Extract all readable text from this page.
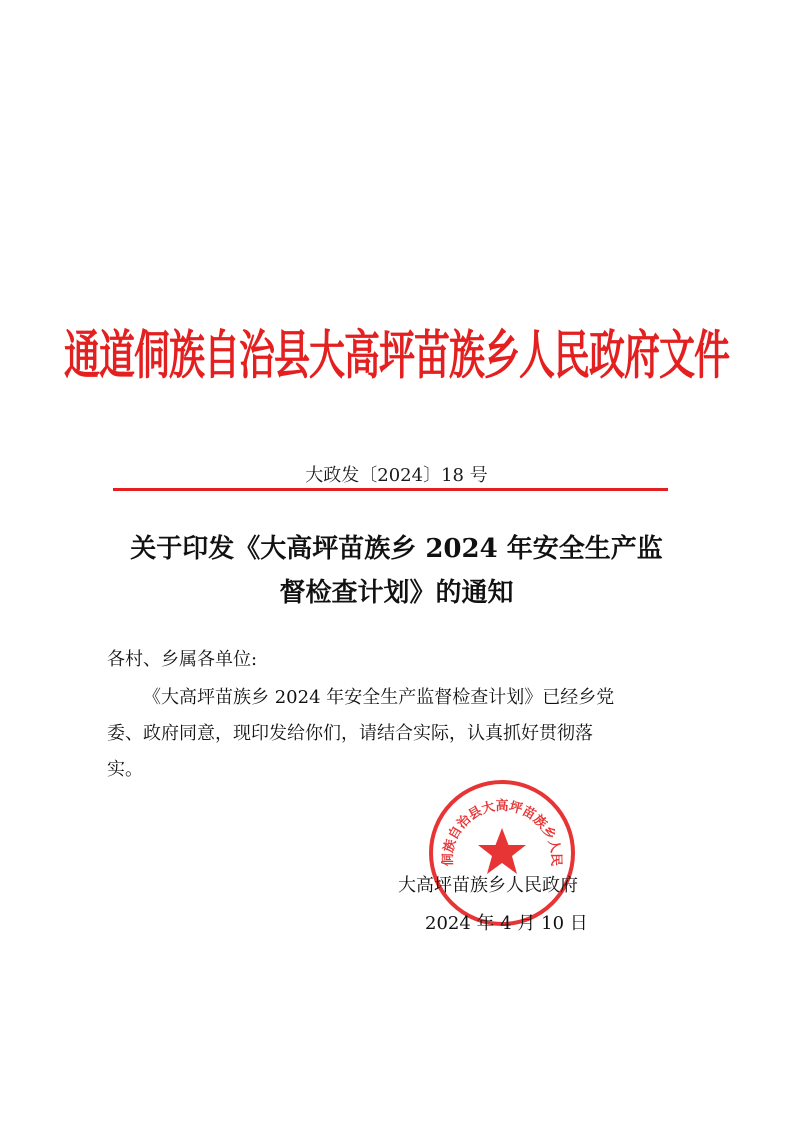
通道侗族自治县大高坪苗族乡人民政府文件
大政发〔2024〕18 号
关于印发《大高坪苗族乡 2024 年安全生产监
督检查计划》的通知
各村、乡属各单位:
《大高坪苗族乡 2024 年安全生产监督检查计划》已经乡党
委、政府同意，现印发给你们，请结合实际，认真抓好贯彻落
实。
侗族自治县大高坪苗族乡人民
大高坪苗族乡人民政府
2024 年 4 月 10 日
